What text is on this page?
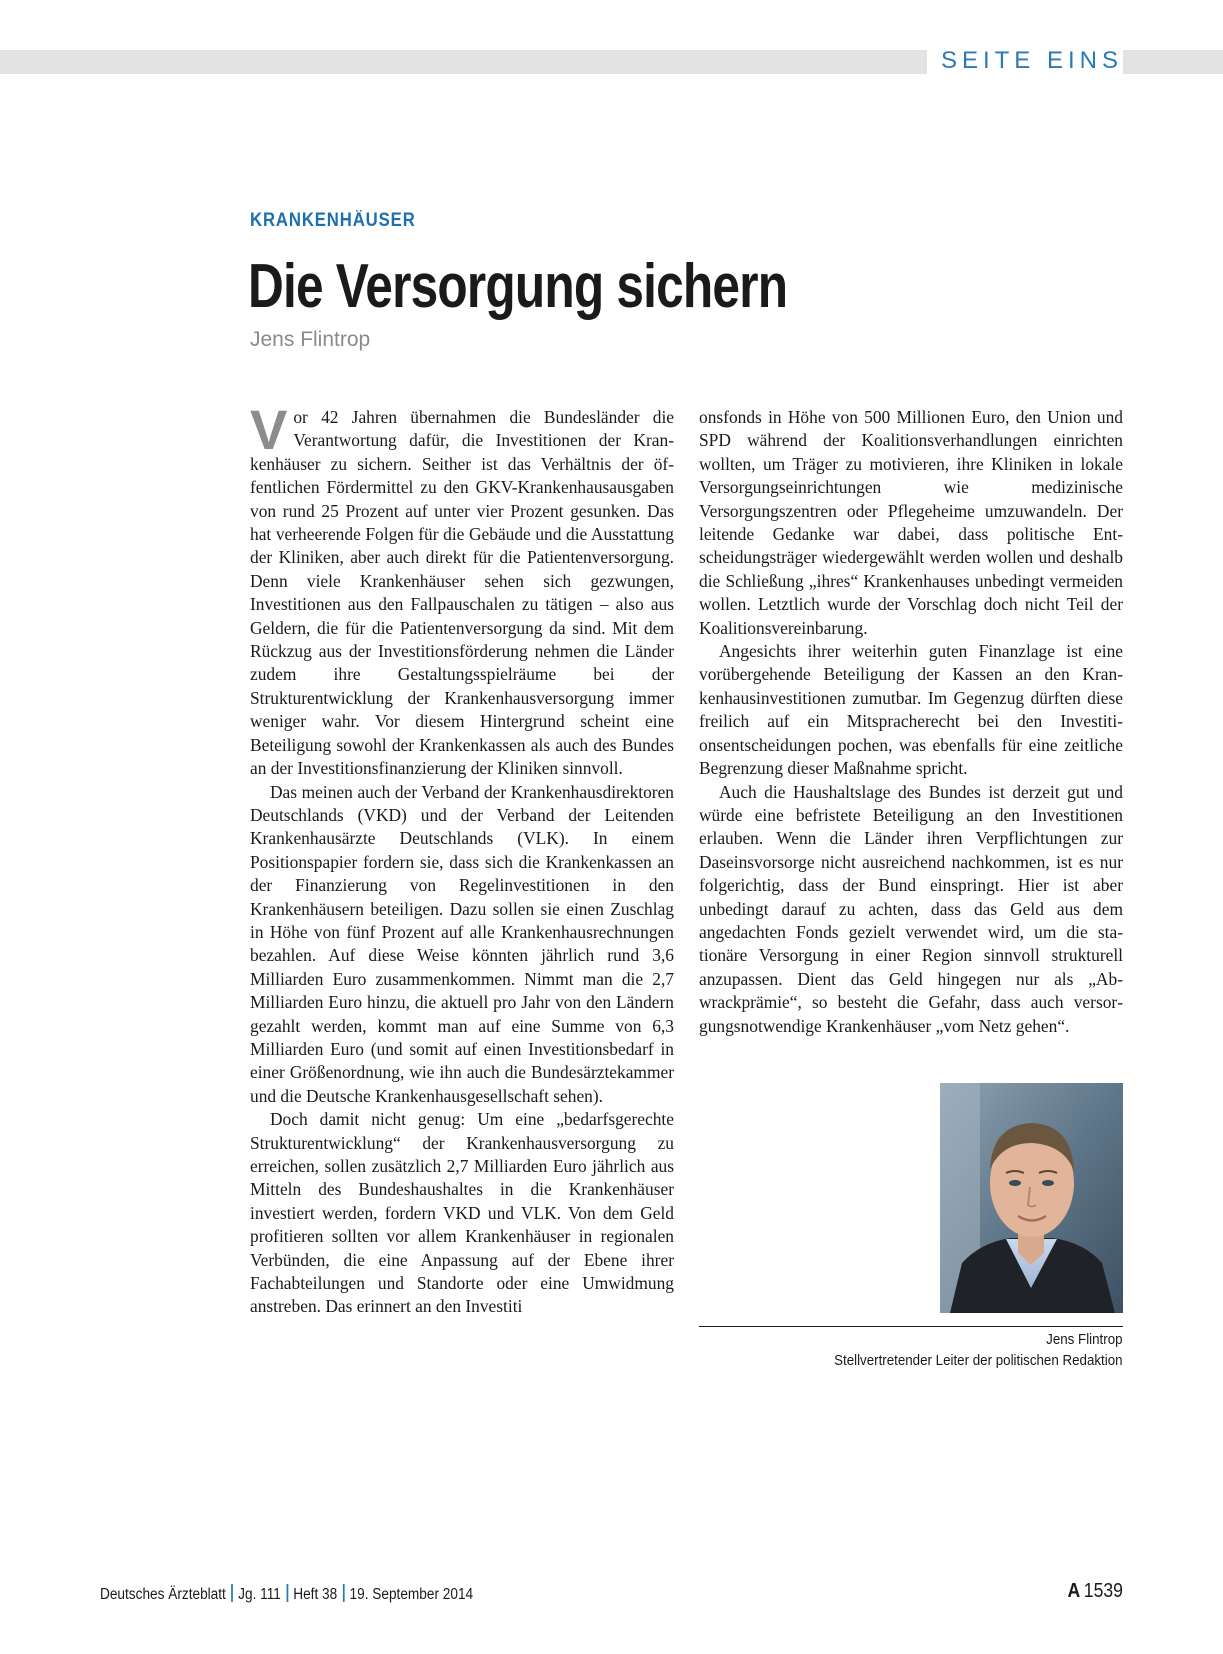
SEITE EINS
KRANKENHÄUSER
Die Versorgung sichern
Jens Flintrop

Vor 42 Jahren übernahmen die Bundesländer die Verantwortung dafür, die Investitionen der Krankenhäuser zu sichern. Seither ist das Verhältnis der öffentlichen Fördermittel zu den GKV-Krankenhausausgaben von rund 25 Prozent auf unter vier Prozent gesunken. Das hat verheerende Folgen für die Gebäude und die Ausstattung der Kliniken, aber auch direkt für die Patientenversorgung. Denn viele Krankenhäuser sehen sich gezwungen, Investitionen aus den Fallpauschalen zu tätigen – also aus Geldern, die für die Patientenversorgung da sind. Mit dem Rückzug aus der Investitionsförderung nehmen die Länder zudem ihre Gestaltungsspielräume bei der Strukturentwicklung der Krankenhausversorgung immer weniger wahr. Vor diesem Hintergrund scheint eine Beteiligung sowohl der Krankenkassen als auch des Bundes an der Investitionsfinanzierung der Kliniken sinnvoll.

Das meinen auch der Verband der Krankenhausdirektoren Deutschlands (VKD) und der Verband der Leitenden Krankenhausärzte Deutschlands (VLK). In einem Positionspapier fordern sie, dass sich die Krankenkassen an der Finanzierung von Regelinvestitionen in den Krankenhäusern beteiligen. Dazu sollen sie einen Zuschlag in Höhe von fünf Prozent auf alle Krankenhausrechnungen bezahlen. Auf diese Weise könnten jährlich rund 3,6 Milliarden Euro zusammenkommen. Nimmt man die 2,7 Milliarden Euro hinzu, die aktuell pro Jahr von den Ländern gezahlt werden, kommt man auf eine Summe von 6,3 Milliarden Euro (und somit auf einen Investitionsbedarf in einer Größenordnung, wie ihn auch die Bundesärztekammer und die Deutsche Krankenhausgesellschaft sehen).

Doch damit nicht genug: Um eine „bedarfsgerechte Strukturentwicklung“ der Krankenhausversorgung zu erreichen, sollen zusätzlich 2,7 Milliarden Euro jährlich aus Mitteln des Bundeshaushaltes in die Krankenhäuser investiert werden, fordern VKD und VLK. Von dem Geld profitieren sollten vor allem Krankenhäuser in regionalen Verbünden, die eine Anpassung auf der Ebene ihrer Fachabteilungen und Standorte oder eine Umwidmung anstreben. Das erinnert an den Investiti

onsfonds in Höhe von 500 Millionen Euro, den Union und SPD während der Koalitionsverhandlungen einrichten wollten, um Träger zu motivieren, ihre Kliniken in lokale Versorgungseinrichtungen wie medizinische Versorgungszentren oder Pflegeheime umzuwandeln. Der leitende Gedanke war dabei, dass politische Entscheidungsträger wiedergewählt werden wollen und deshalb die Schließung „ihres“ Krankenhauses unbedingt vermeiden wollen. Letztlich wurde der Vorschlag doch nicht Teil der Koalitionsvereinbarung.

Angesichts ihrer weiterhin guten Finanzlage ist eine vorübergehende Beteiligung der Kassen an den Krankenhausinvestitionen zumutbar. Im Gegenzug dürften diese freilich auf ein Mitspracherecht bei den Investitionsentscheidungen pochen, was ebenfalls für eine zeitliche Begrenzung dieser Maßnahme spricht.

Auch die Haushaltslage des Bundes ist derzeit gut und würde eine befristete Beteiligung an den Investitionen erlauben. Wenn die Länder ihren Verpflichtungen zur Daseinsvorsorge nicht ausreichend nachkommen, ist es nur folgerichtig, dass der Bund einspringt. Hier ist aber unbedingt darauf zu achten, dass das Geld aus dem angedachten Fonds gezielt verwendet wird, um die stationäre Versorgung in einer Region sinnvoll strukturell anzupassen. Dient das Geld hingegen nur als „Abwrackprämie“, so besteht die Gefahr, dass auch versorgungsnotwendige Krankenhäuser „vom Netz gehen“.

Jens Flintrop
Stellvertretender Leiter der politischen Redaktion
Deutsches Ärzteblatt Jg. 111 Heft 38 19. September 2014	A 1539
